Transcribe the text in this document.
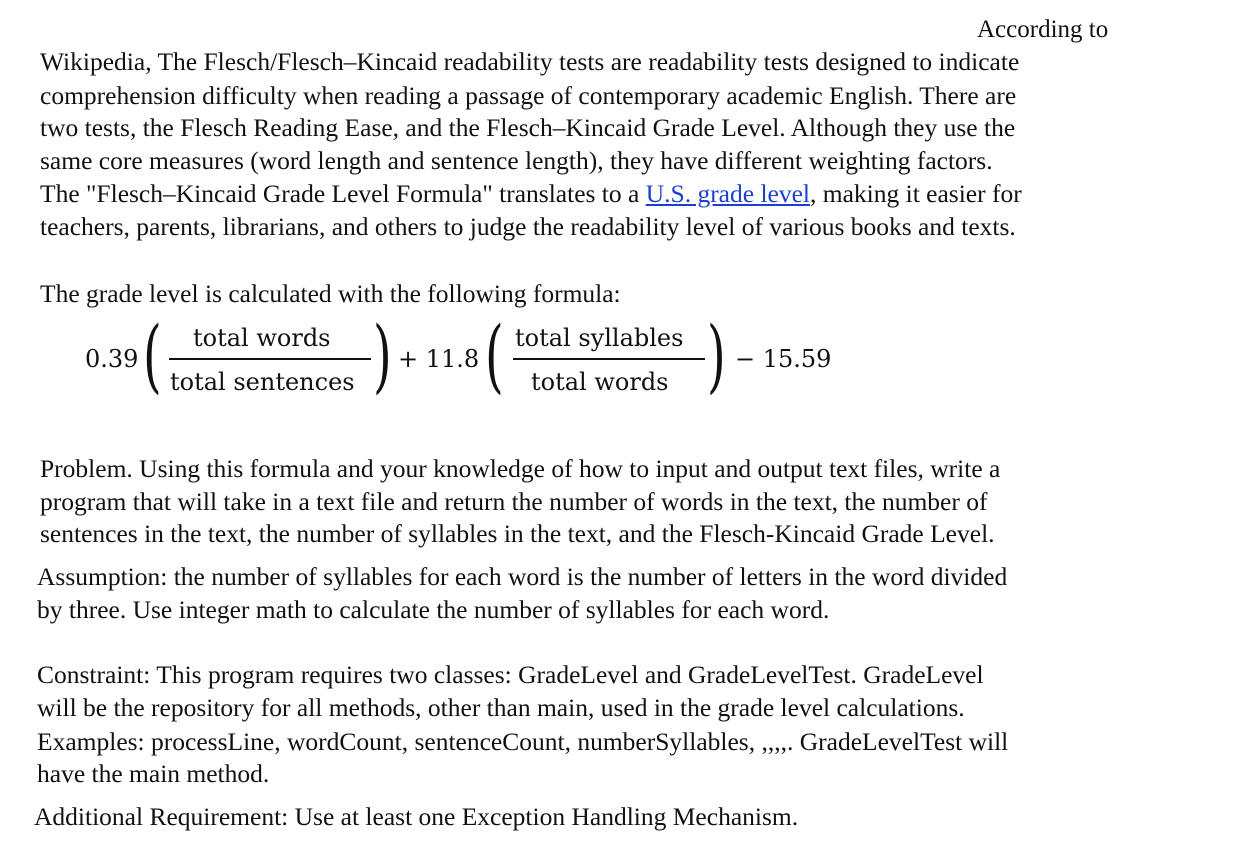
According to
Wikipedia, The Flesch/Flesch–Kincaid readability tests are readability tests designed to indicate
comprehension difficulty when reading a passage of contemporary academic English. There are
two tests, the Flesch Reading Ease, and the Flesch–Kincaid Grade Level. Although they use the
same core measures (word length and sentence length), they have different weighting factors.
The "Flesch–Kincaid Grade Level Formula" translates to a U.S. grade level, making it easier for
teachers, parents, librarians, and others to judge the readability level of various books and texts.
The grade level is calculated with the following formula:
0.39 ( total words
total sentences ) + 11.8 ( total syllables
total words ) − 15.59
Problem. Using this formula and your knowledge of how to input and output text files, write a
program that will take in a text file and return the number of words in the text, the number of
sentences in the text, the number of syllables in the text, and the Flesch-Kincaid Grade Level.
Assumption: the number of syllables for each word is the number of letters in the word divided
by three. Use integer math to calculate the number of syllables for each word.
Constraint: This program requires two classes: GradeLevel and GradeLevelTest. GradeLevel
will be the repository for all methods, other than main, used in the grade level calculations.
Examples: processLine, wordCount, sentenceCount, numberSyllables, ,,,,. GradeLevelTest will
have the main method.
Additional Requirement: Use at least one Exception Handling Mechanism.
